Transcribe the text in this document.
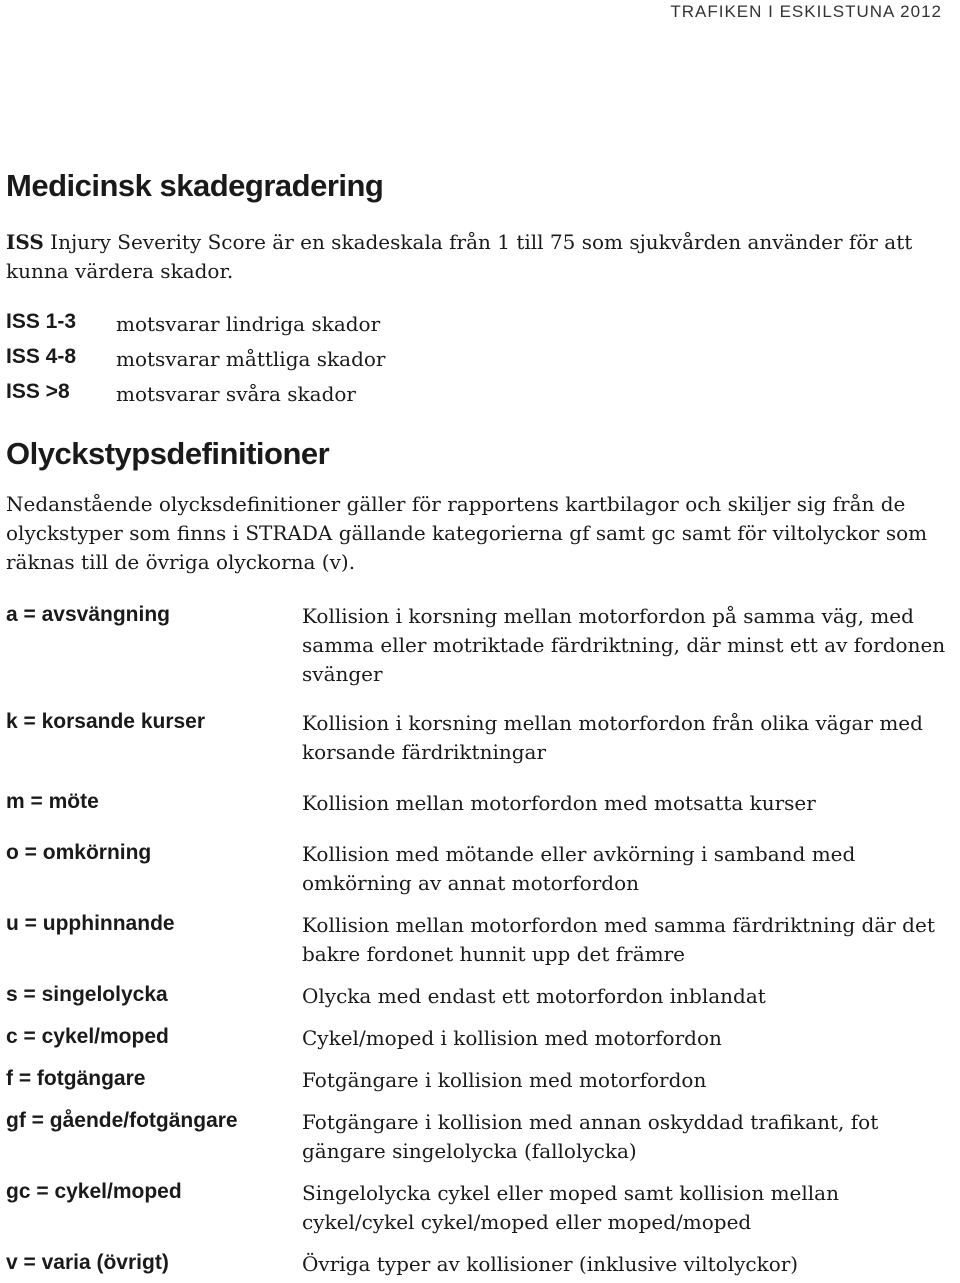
TRAFIKEN I ESKILSTUNA 2012
Medicinsk skadegradering

ISS Injury Severity Score är en skadeskala från 1 till 75 som sjukvården använder för att kunna värdera skador.

ISS 1-3 motsvarar lindriga skador
ISS 4-8 motsvarar måttliga skador
ISS >8 motsvarar svåra skador
Olyckstypsdefinitioner

Nedanstående olycksdefinitioner gäller för rapportens kartbilagor och skiljer sig från de olyckstyper som finns i STRADA gällande kategorierna gf samt gc samt för viltolyckor som räknas till de övriga olyckorna (v).

a = avsvängning	Kollision i korsning mellan motorfordon på samma väg, med samma eller motriktade färdriktning, där minst ett av fordonen svänger
k = korsande kurser	Kollision i korsning mellan motorfordon från olika vägar med korsande färdriktningar
m = möte	Kollision mellan motorfordon med motsatta kurser
o = omkörning	Kollision med mötande eller avkörning i samband med omkörning av annat motorfordon
u = upphinnande	Kollision mellan motorfordon med samma färdriktning där det bakre fordonet hunnit upp det främre
s = singelolycka	Olycka med endast ett motorfordon inblandat
c = cykel/moped	Cykel/moped i kollision med motorfordon
f = fotgängare	Fotgängare i kollision med motorfordon
gf = gående/fotgängare	Fotgängare i kollision med annan oskyddad trafikant, fot gängare singelolycka (fallolycka)
gc = cykel/moped	Singelolycka cykel eller moped samt kollision mellan cykel/cykel cykel/moped eller moped/moped
v = varia (övrigt)	Övriga typer av kollisioner (inklusive viltolyckor)
